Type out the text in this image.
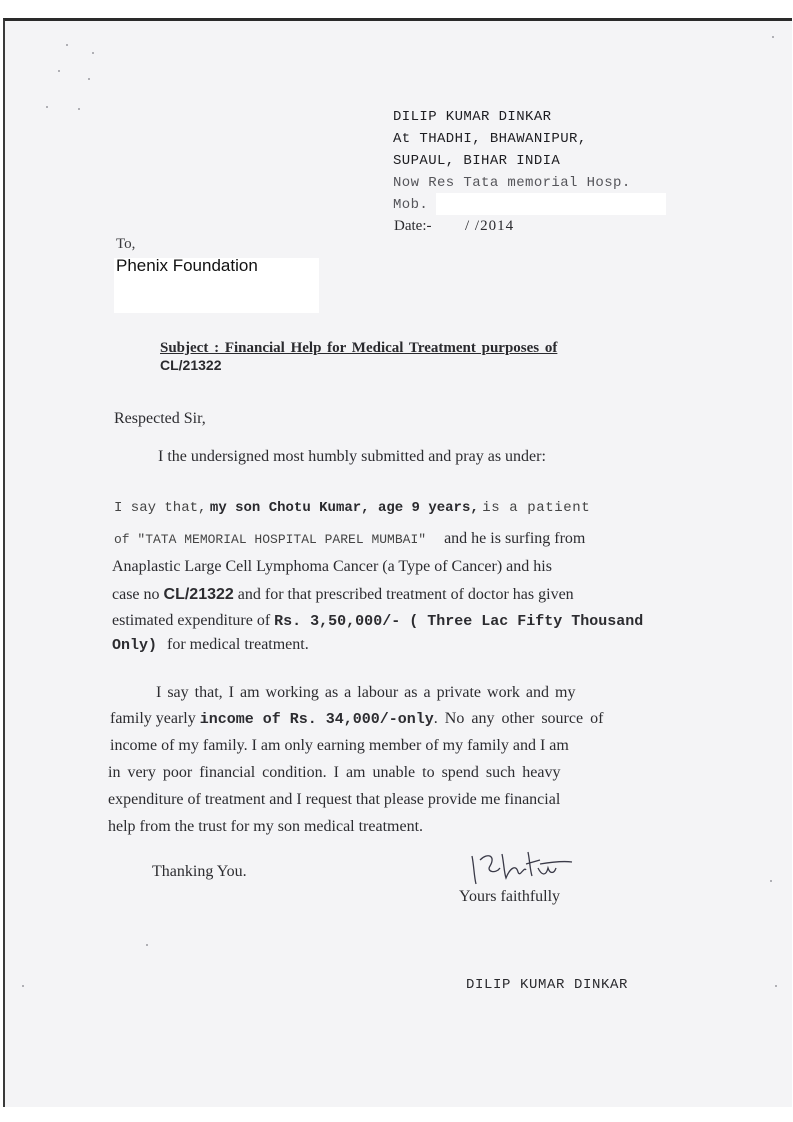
DILIP KUMAR DINKAR
At THADHI, BHAWANIPUR,
SUPAUL, BIHAR INDIA
Now Res Tata memorial Hosp.
Mob.
Date:- / /2014
To,
Phenix Foundation
Subject : Financial Help for Medical Treatment purposes of
CL/21322
Respected Sir,
I the undersigned most humbly submitted and pray as under:
I say that, my son Chotu Kumar, age 9 years, is a patient
of "TATA MEMORIAL HOSPITAL PAREL MUMBAI" and he is surfing from
Anaplastic Large Cell Lymphoma Cancer (a Type of Cancer) and his
case no CL/21322 and for that prescribed treatment of doctor has given
estimated expenditure of Rs. 3,50,000/- ( Three Lac Fifty Thousand
Only) for medical treatment.
I say that, I am working as a labour as a private work and my
family yearly income of Rs. 34,000/-only. No any other source of
income of my family. I am only earning member of my family and I am
in very poor financial condition. I am unable to spend such heavy
expenditure of treatment and I request that please provide me financial
help from the trust for my son medical treatment.
Thanking You.
Yours faithfully
DILIP KUMAR DINKAR
